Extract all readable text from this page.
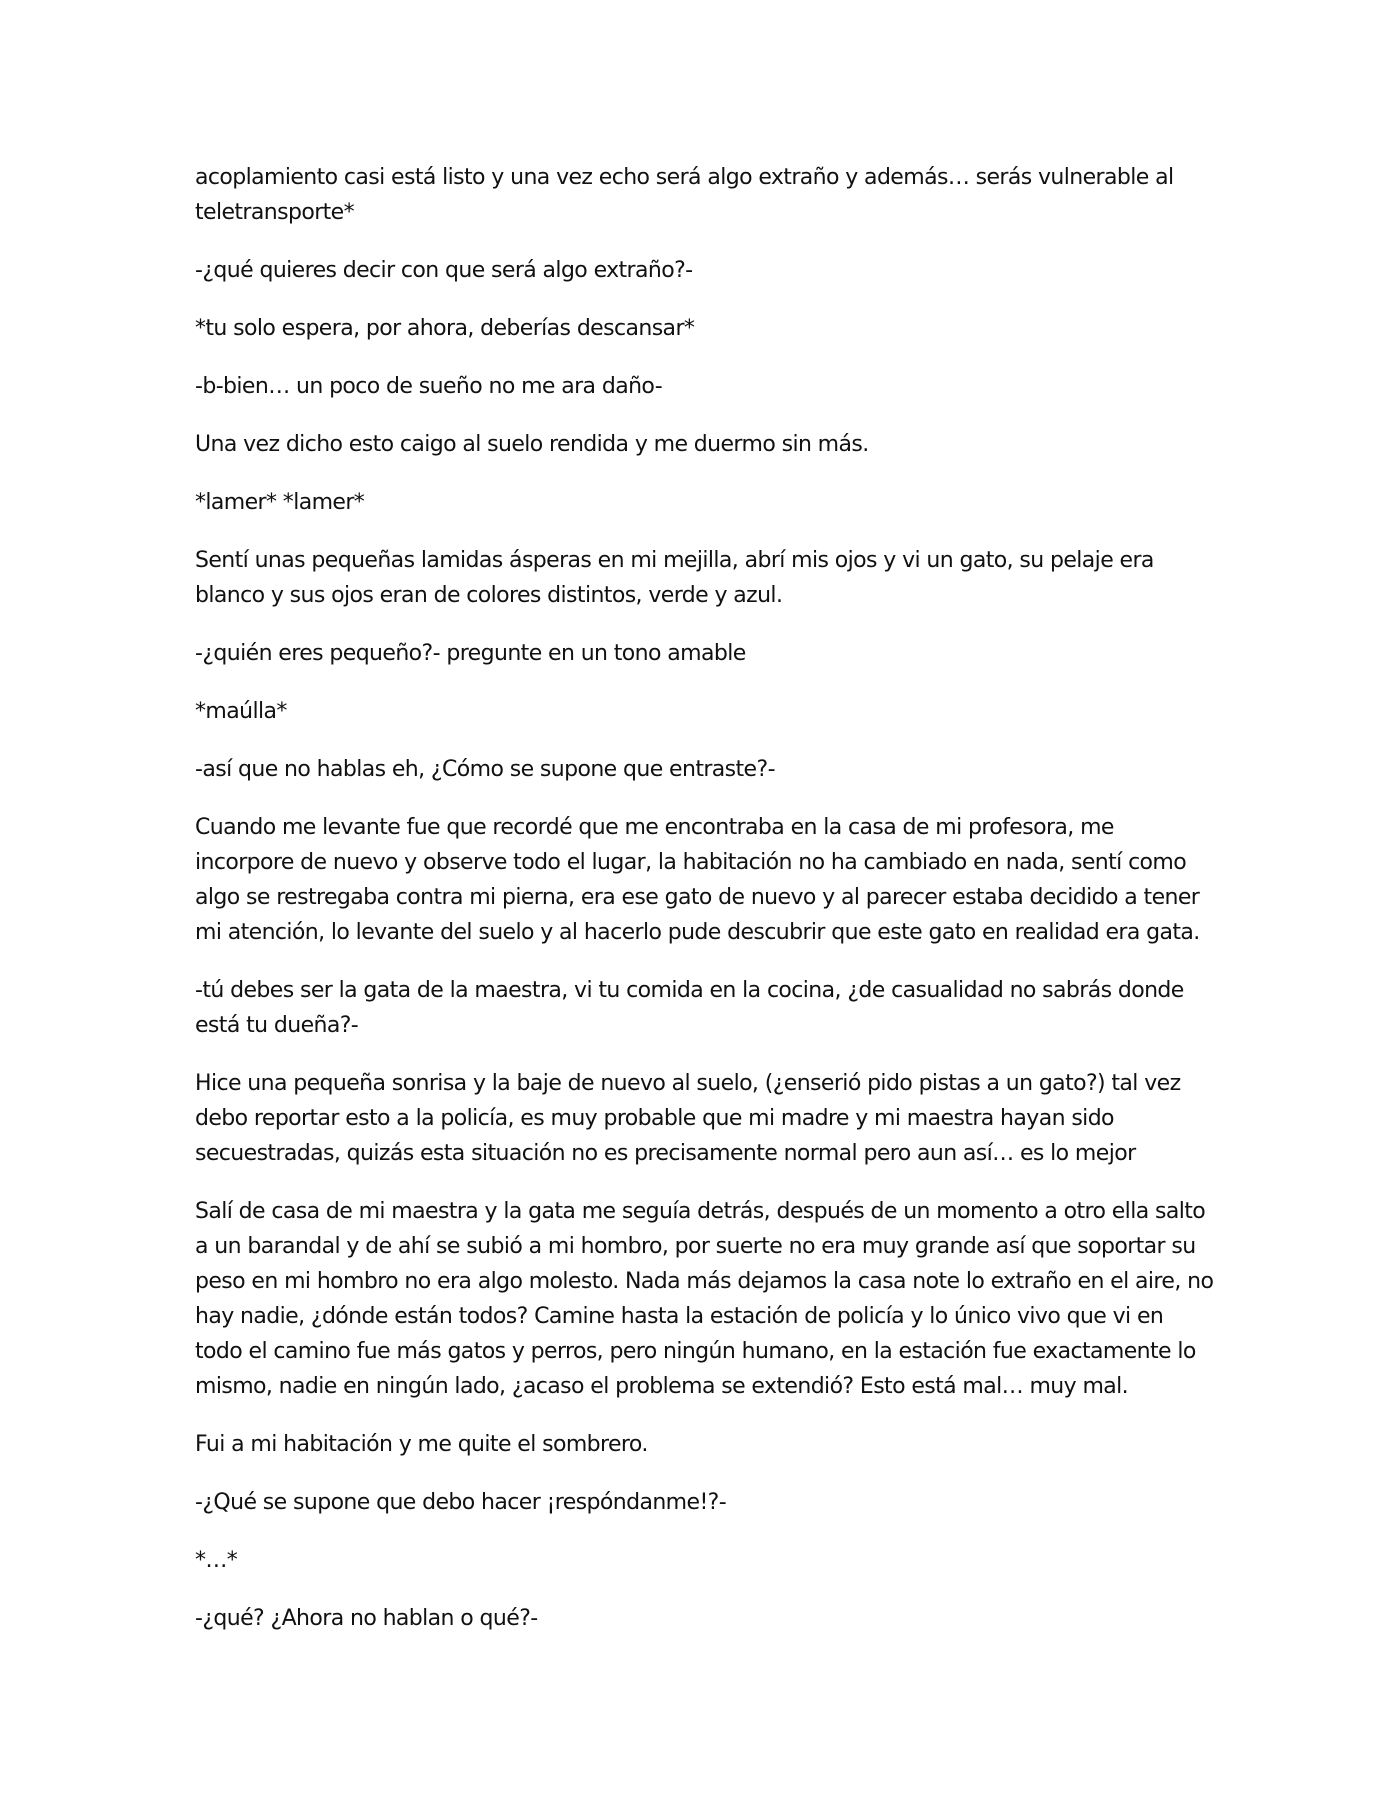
acoplamiento casi está listo y una vez echo será algo extraño y además… serás vulnerable al teletransporte*

-¿qué quieres decir con que será algo extraño?-

*tu solo espera, por ahora, deberías descansar*

-b-bien… un poco de sueño no me ara daño-

Una vez dicho esto caigo al suelo rendida y me duermo sin más.

*lamer* *lamer*

Sentí unas pequeñas lamidas ásperas en mi mejilla, abrí mis ojos y vi un gato, su pelaje era blanco y sus ojos eran de colores distintos, verde y azul.

-¿quién eres pequeño?- pregunte en un tono amable

*maúlla*

-así que no hablas eh, ¿Cómo se supone que entraste?-

Cuando me levante fue que recordé que me encontraba en la casa de mi profesora, me incorpore de nuevo y observe todo el lugar, la habitación no ha cambiado en nada, sentí como algo se restregaba contra mi pierna, era ese gato de nuevo y al parecer estaba decidido a tener mi atención, lo levante del suelo y al hacerlo pude descubrir que este gato en realidad era gata.

-tú debes ser la gata de la maestra, vi tu comida en la cocina, ¿de casualidad no sabrás donde está tu dueña?-

Hice una pequeña sonrisa y la baje de nuevo al suelo, (¿enserió pido pistas a un gato?) tal vez debo reportar esto a la policía, es muy probable que mi madre y mi maestra hayan sido secuestradas, quizás esta situación no es precisamente normal pero aun así… es lo mejor

Salí de casa de mi maestra y la gata me seguía detrás, después de un momento a otro ella salto a un barandal y de ahí se subió a mi hombro, por suerte no era muy grande así que soportar su peso en mi hombro no era algo molesto. Nada más dejamos la casa note lo extraño en el aire, no hay nadie, ¿dónde están todos? Camine hasta la estación de policía y lo único vivo que vi en todo el camino fue más gatos y perros, pero ningún humano, en la estación fue exactamente lo mismo, nadie en ningún lado, ¿acaso el problema se extendió? Esto está mal… muy mal.

Fui a mi habitación y me quite el sombrero.

-¿Qué se supone que debo hacer ¡respóndanme!?-

*…*

-¿qué? ¿Ahora no hablan o qué?-
